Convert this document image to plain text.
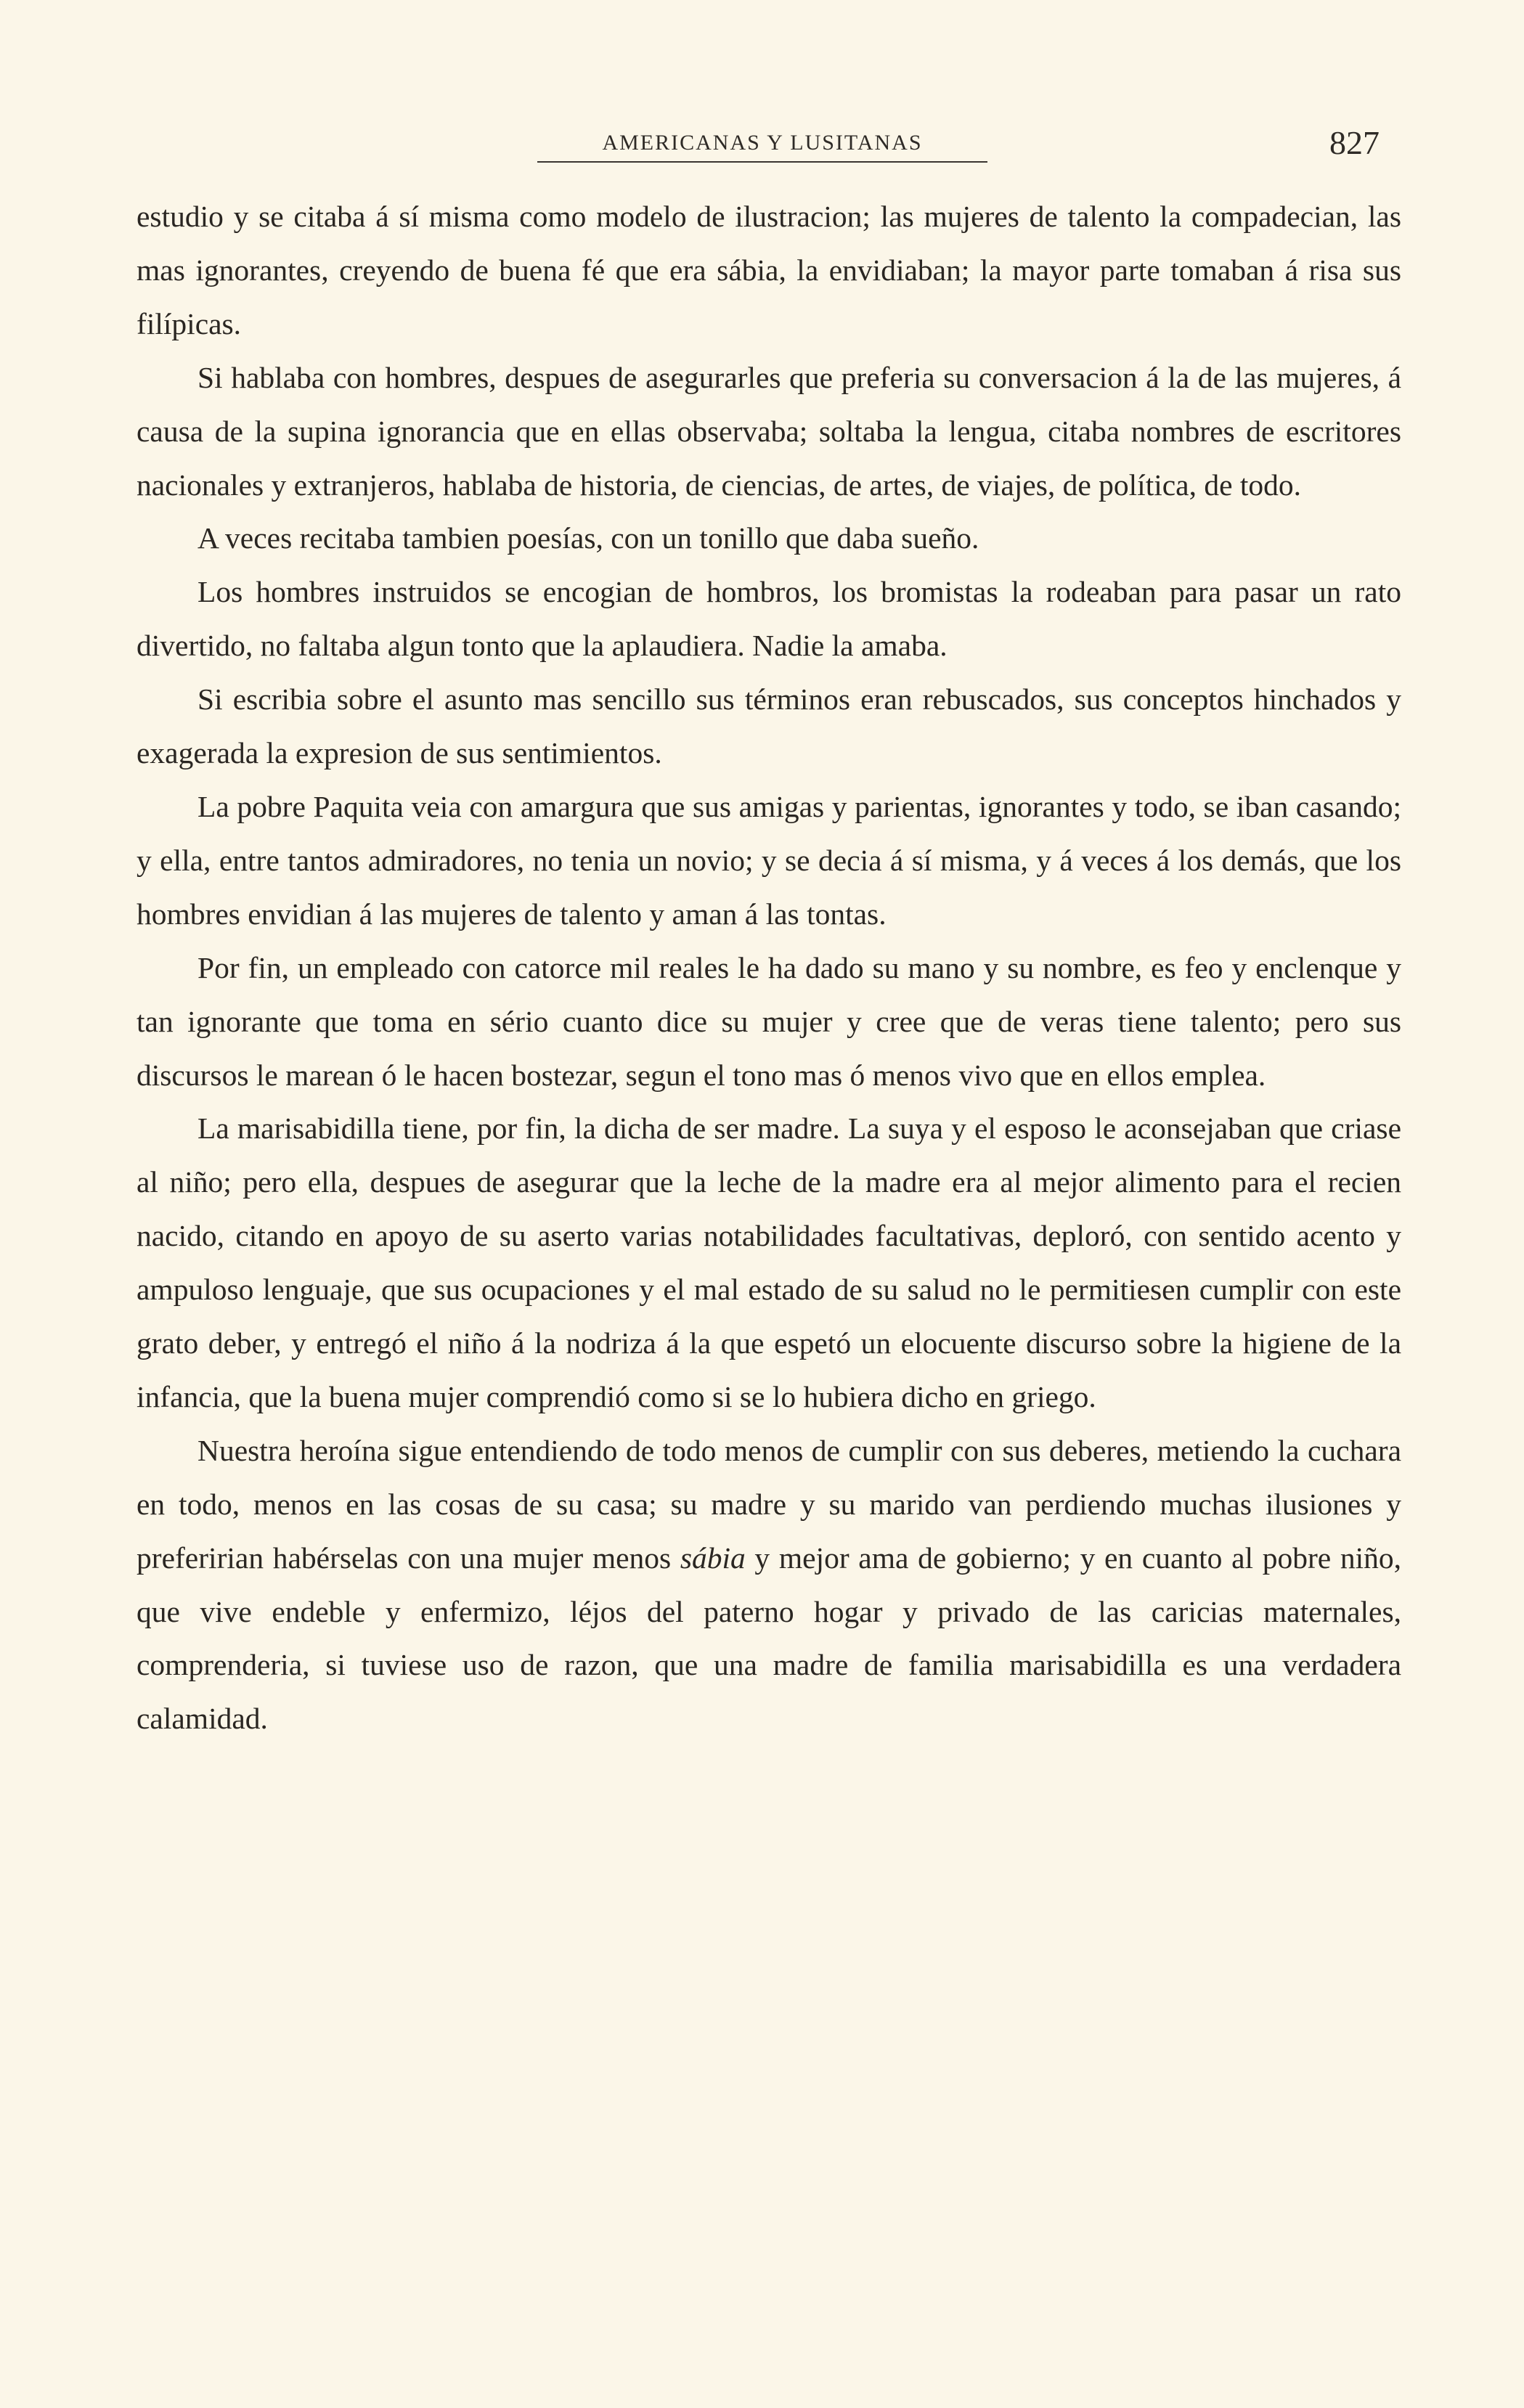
AMERICANAS Y LUSITANAS	827

estudio y se citaba á sí misma como modelo de ilustracion; las mujeres de talento la compadecian, las mas ignorantes, creyendo de buena fé que era sábia, la envidiaban; la mayor parte tomaban á risa sus filípicas.

Si hablaba con hombres, despues de asegurarles que preferia su conversacion á la de las mujeres, á causa de la supina ignorancia que en ellas observaba; soltaba la lengua, citaba nombres de escritores nacionales y extranjeros, hablaba de historia, de ciencias, de artes, de viajes, de política, de todo.

A veces recitaba tambien poesías, con un tonillo que daba sueño.

Los hombres instruidos se encogian de hombros, los bromistas la rodeaban para pasar un rato divertido, no faltaba algun tonto que la aplaudiera. Nadie la amaba.

Si escribia sobre el asunto mas sencillo sus términos eran rebuscados, sus conceptos hinchados y exagerada la expresion de sus sentimientos.

La pobre Paquita veia con amargura que sus amigas y parientas, ignorantes y todo, se iban casando; y ella, entre tantos admiradores, no tenia un novio; y se decia á sí misma, y á veces á los demás, que los hombres envidian á las mujeres de talento y aman á las tontas.

Por fin, un empleado con catorce mil reales le ha dado su mano y su nombre, es feo y enclenque y tan ignorante que toma en sério cuanto dice su mujer y cree que de veras tiene talento; pero sus discursos le marean ó le hacen bostezar, segun el tono mas ó menos vivo que en ellos emplea.

La marisabidilla tiene, por fin, la dicha de ser madre. La suya y el esposo le aconsejaban que criase al niño; pero ella, despues de asegurar que la leche de la madre era al mejor alimento para el recien nacido, citando en apoyo de su aserto varias notabilidades facultativas, deploró, con sentido acento y ampuloso lenguaje, que sus ocupaciones y el mal estado de su salud no le permitiesen cumplir con este grato deber, y entregó el niño á la nodriza á la que espetó un elocuente discurso sobre la higiene de la infancia, que la buena mujer comprendió como si se lo hubiera dicho en griego.

Nuestra heroína sigue entendiendo de todo menos de cumplir con sus deberes, metiendo la cuchara en todo, menos en las cosas de su casa; su madre y su marido van perdiendo muchas ilusiones y preferirian habérselas con una mujer menos sábia y mejor ama de gobierno; y en cuanto al pobre niño, que vive endeble y enfermizo, léjos del paterno hogar y privado de las caricias maternales, comprenderia, si tuviese uso de razon, que una madre de familia marisabidilla es una verdadera calamidad.
